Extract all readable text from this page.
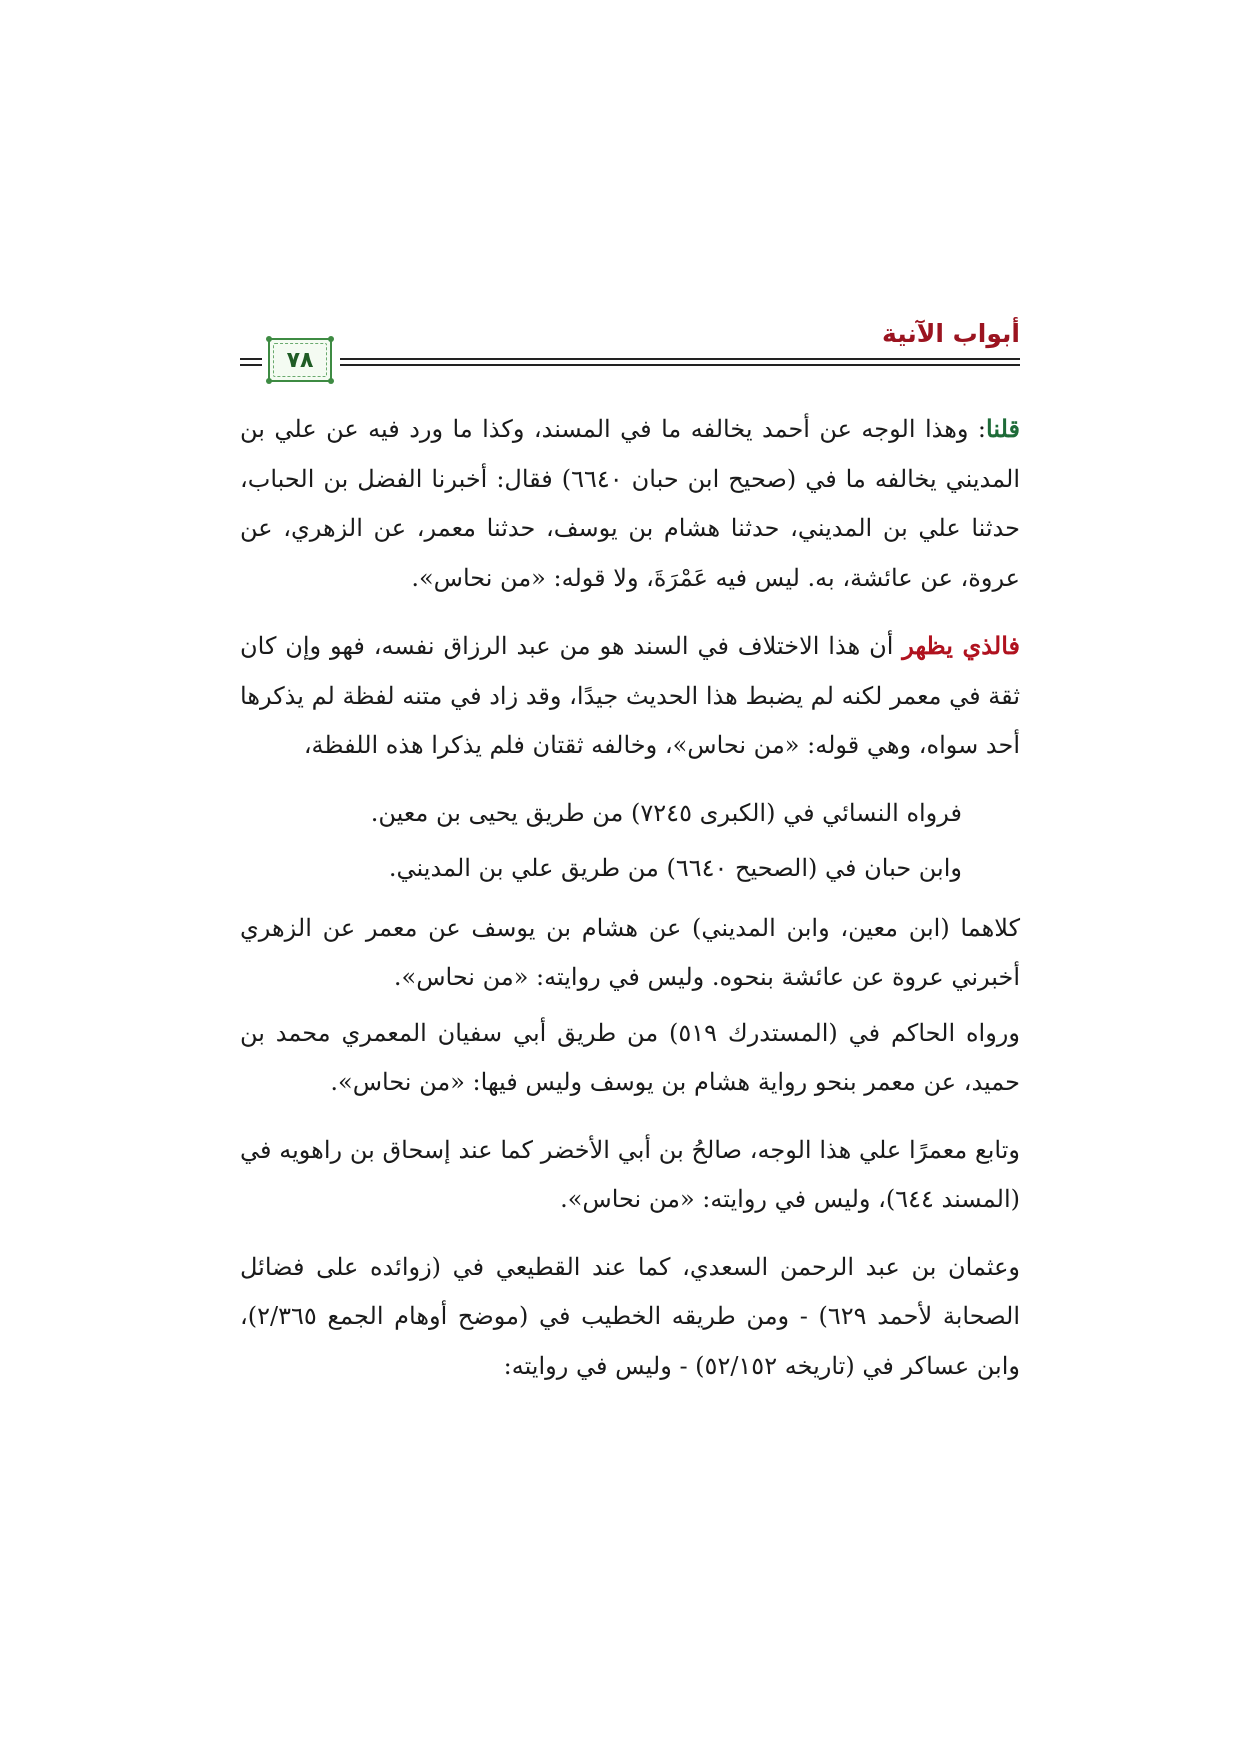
أبواب الآنية
٧٨

قلنا: وهذا الوجه عن أحمد يخالفه ما في المسند، وكذا ما ورد فيه عن علي بن المديني يخالفه ما في (صحيح ابن حبان ٦٦٤٠) فقال: أخبرنا الفضل بن الحباب، حدثنا علي بن المديني، حدثنا هشام بن يوسف، حدثنا معمر، عن الزهري، عن عروة، عن عائشة، به. ليس فيه عَمْرَةَ، ولا قوله: «من نحاس».

فالذي يظهر أن هذا الاختلاف في السند هو من عبد الرزاق نفسه، فهو وإن كان ثقة في معمر لكنه لم يضبط هذا الحديث جيدًا، وقد زاد في متنه لفظة لم يذكرها أحد سواه، وهي قوله: «من نحاس»، وخالفه ثقتان فلم يذكرا هذه اللفظة،

فرواه النسائي في (الكبرى ٧٢٤٥) من طريق يحيى بن معين.

وابن حبان في (الصحيح ٦٦٤٠) من طريق علي بن المديني.

كلاهما (ابن معين، وابن المديني) عن هشام بن يوسف عن معمر عن الزهري أخبرني عروة عن عائشة بنحوه. وليس في روايته: «من نحاس».

ورواه الحاكم في (المستدرك ٥١٩) من طريق أبي سفيان المعمري محمد بن حميد، عن معمر بنحو رواية هشام بن يوسف وليس فيها: «من نحاس».

وتابع معمرًا علي هذا الوجه، صالحُ بن أبي الأخضر كما عند إسحاق بن راهويه في (المسند ٦٤٤)، وليس في روايته: «من نحاس».

وعثمان بن عبد الرحمن السعدي، كما عند القطيعي في (زوائده على فضائل الصحابة لأحمد ٦٢٩) - ومن طريقه الخطيب في (موضح أوهام الجمع ٢/٣٦٥)، وابن عساكر في (تاريخه ٥٢/١٥٢) - وليس في روايته:
